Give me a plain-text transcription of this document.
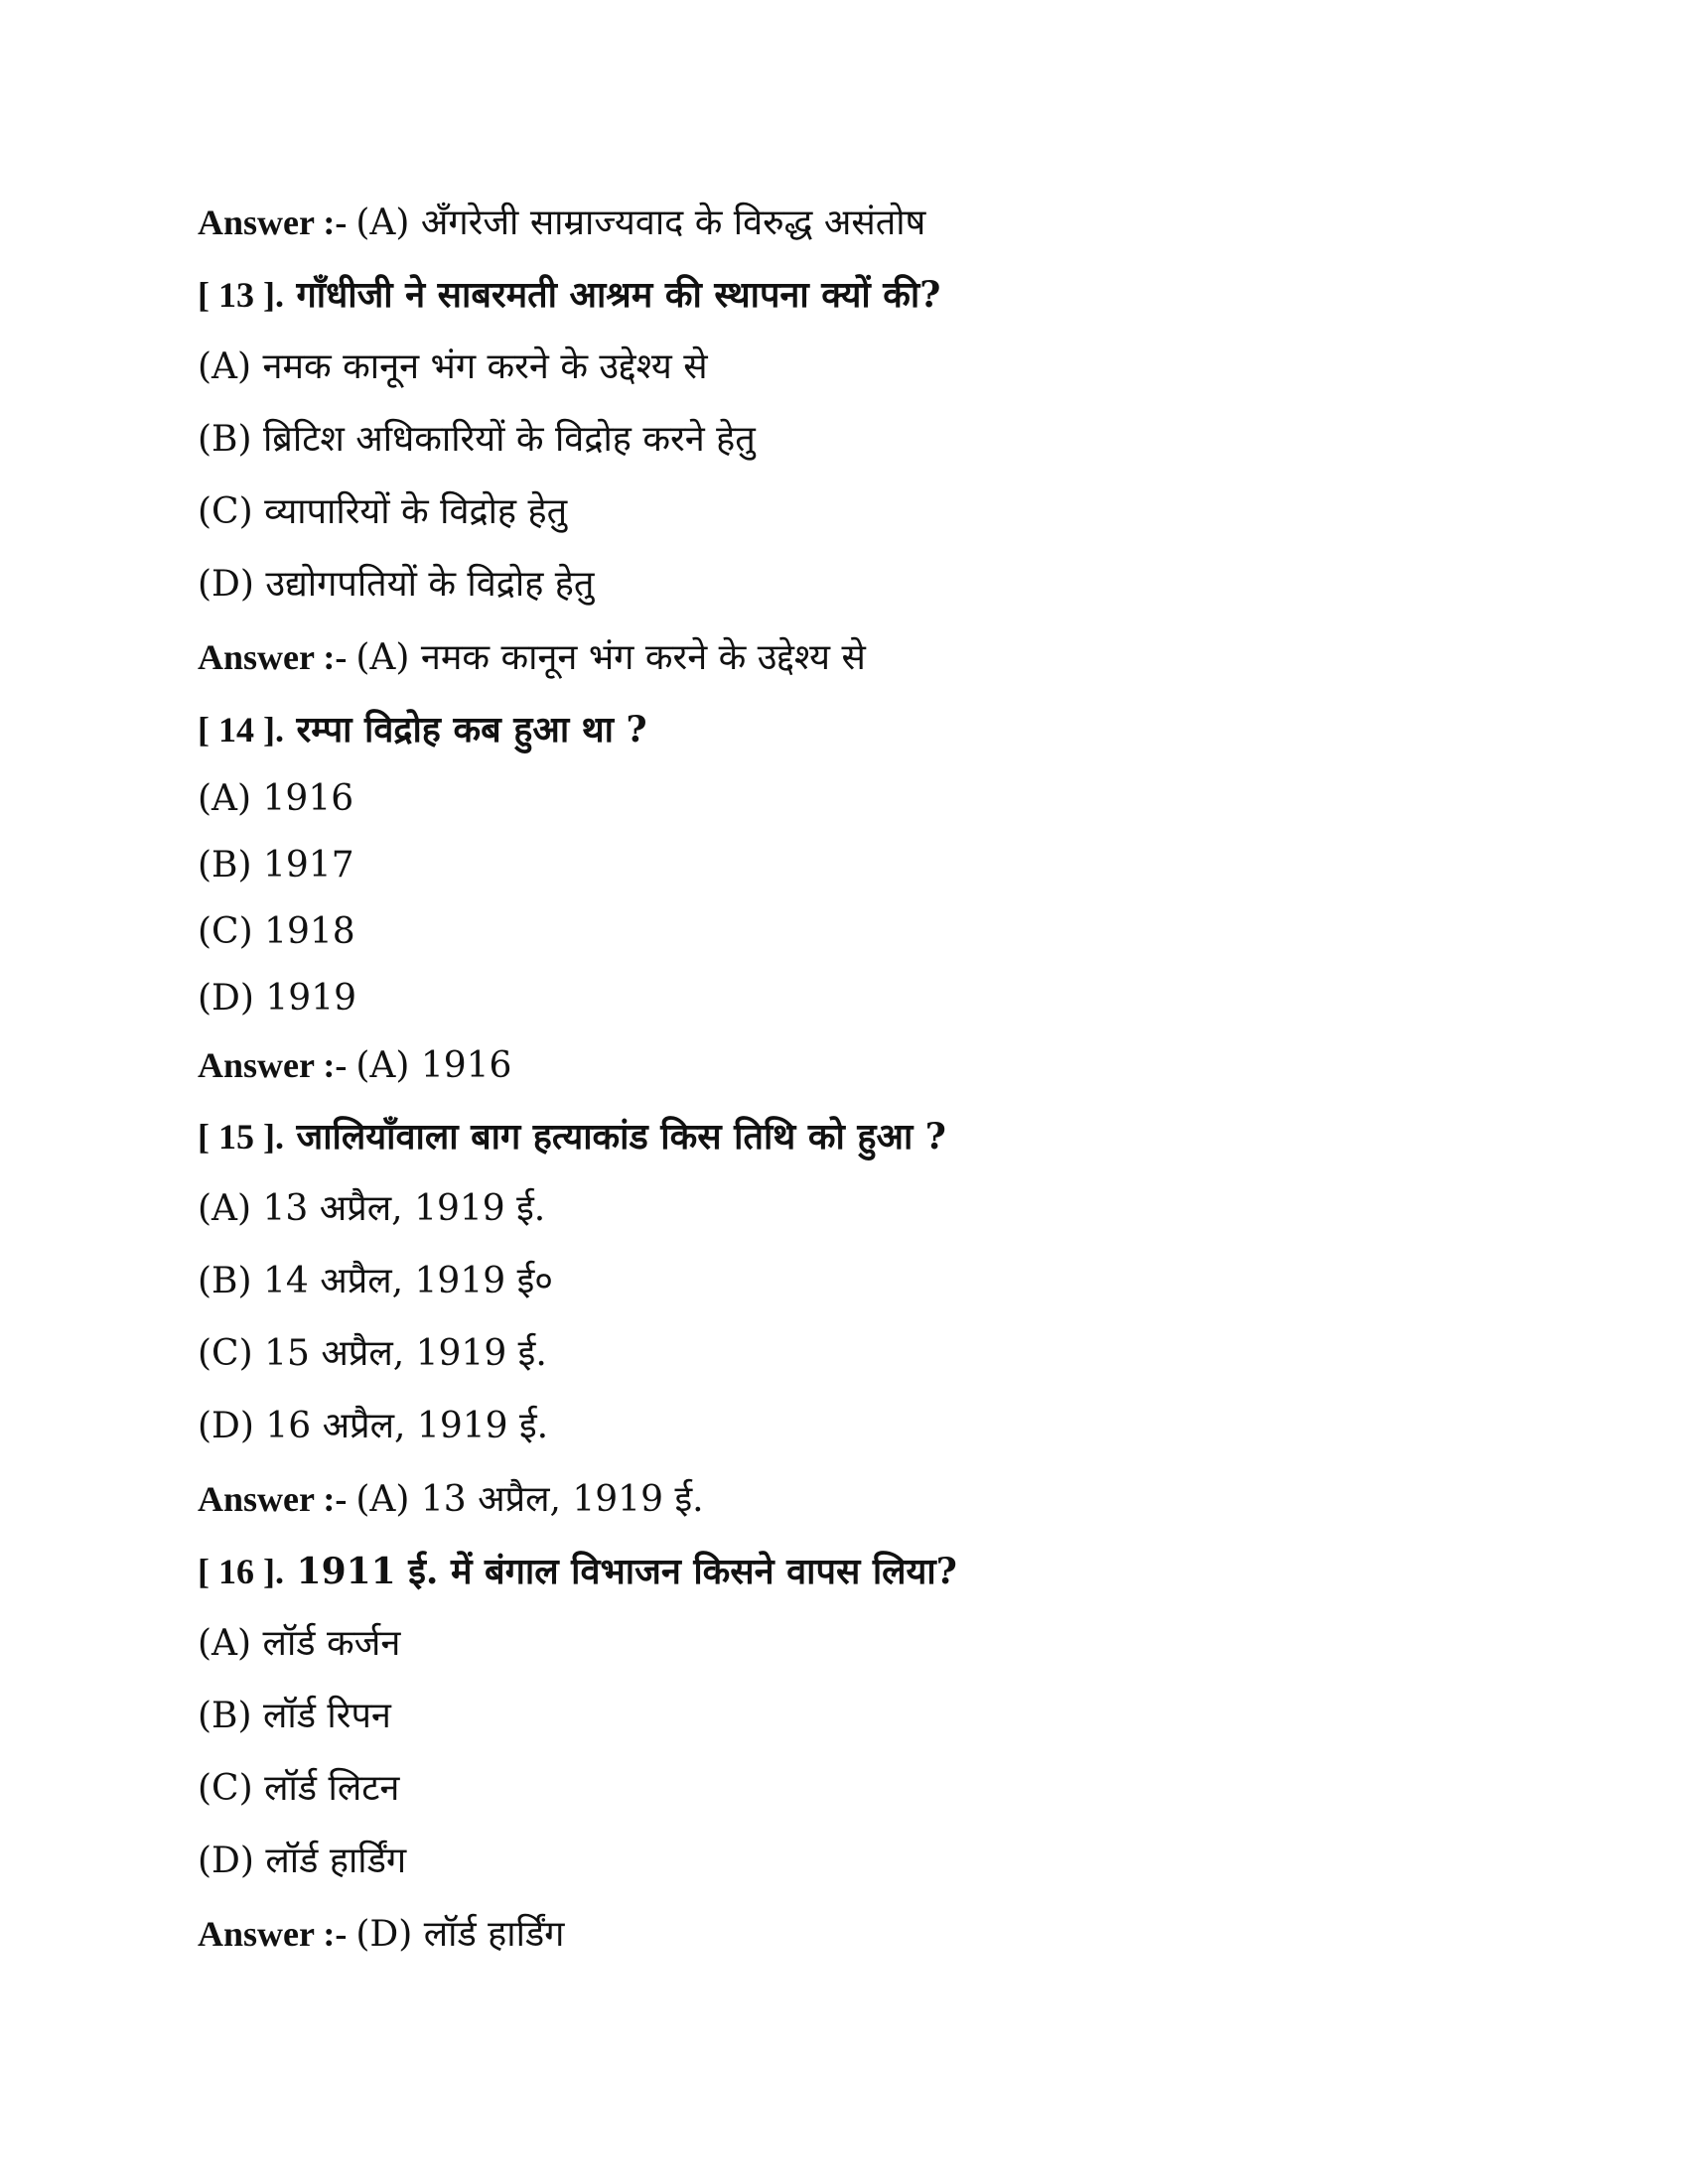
Answer :- (A) अँगरेजी साम्राज्यवाद के विरुद्ध असंतोष
[ 13 ]. गाँधीजी ने साबरमती आश्रम की स्थापना क्यों की?
(A) नमक कानून भंग करने के उद्देश्य से
(B) ब्रिटिश अधिकारियों के विद्रोह करने हेतु
(C) व्यापारियों के विद्रोह हेतु
(D) उद्योगपतियों के विद्रोह हेतु
Answer :- (A) नमक कानून भंग करने के उद्देश्य से
[ 14 ]. रम्पा विद्रोह कब हुआ था ?
(A) 1916
(B) 1917
(C) 1918
(D) 1919
Answer :- (A) 1916
[ 15 ]. जालियाँवाला बाग हत्याकांड किस तिथि को हुआ ?
(A) 13 अप्रैल, 1919 ई.
(B) 14 अप्रैल, 1919 ई०
(C) 15 अप्रैल, 1919 ई.
(D) 16 अप्रैल, 1919 ई.
Answer :- (A) 13 अप्रैल, 1919 ई.
[ 16 ]. 1911 ई. में बंगाल विभाजन किसने वापस लिया?
(A) लॉर्ड कर्जन
(B) लॉर्ड रिपन
(C) लॉर्ड लिटन
(D) लॉर्ड हार्डिंग
Answer :- (D) लॉर्ड हार्डिंग
